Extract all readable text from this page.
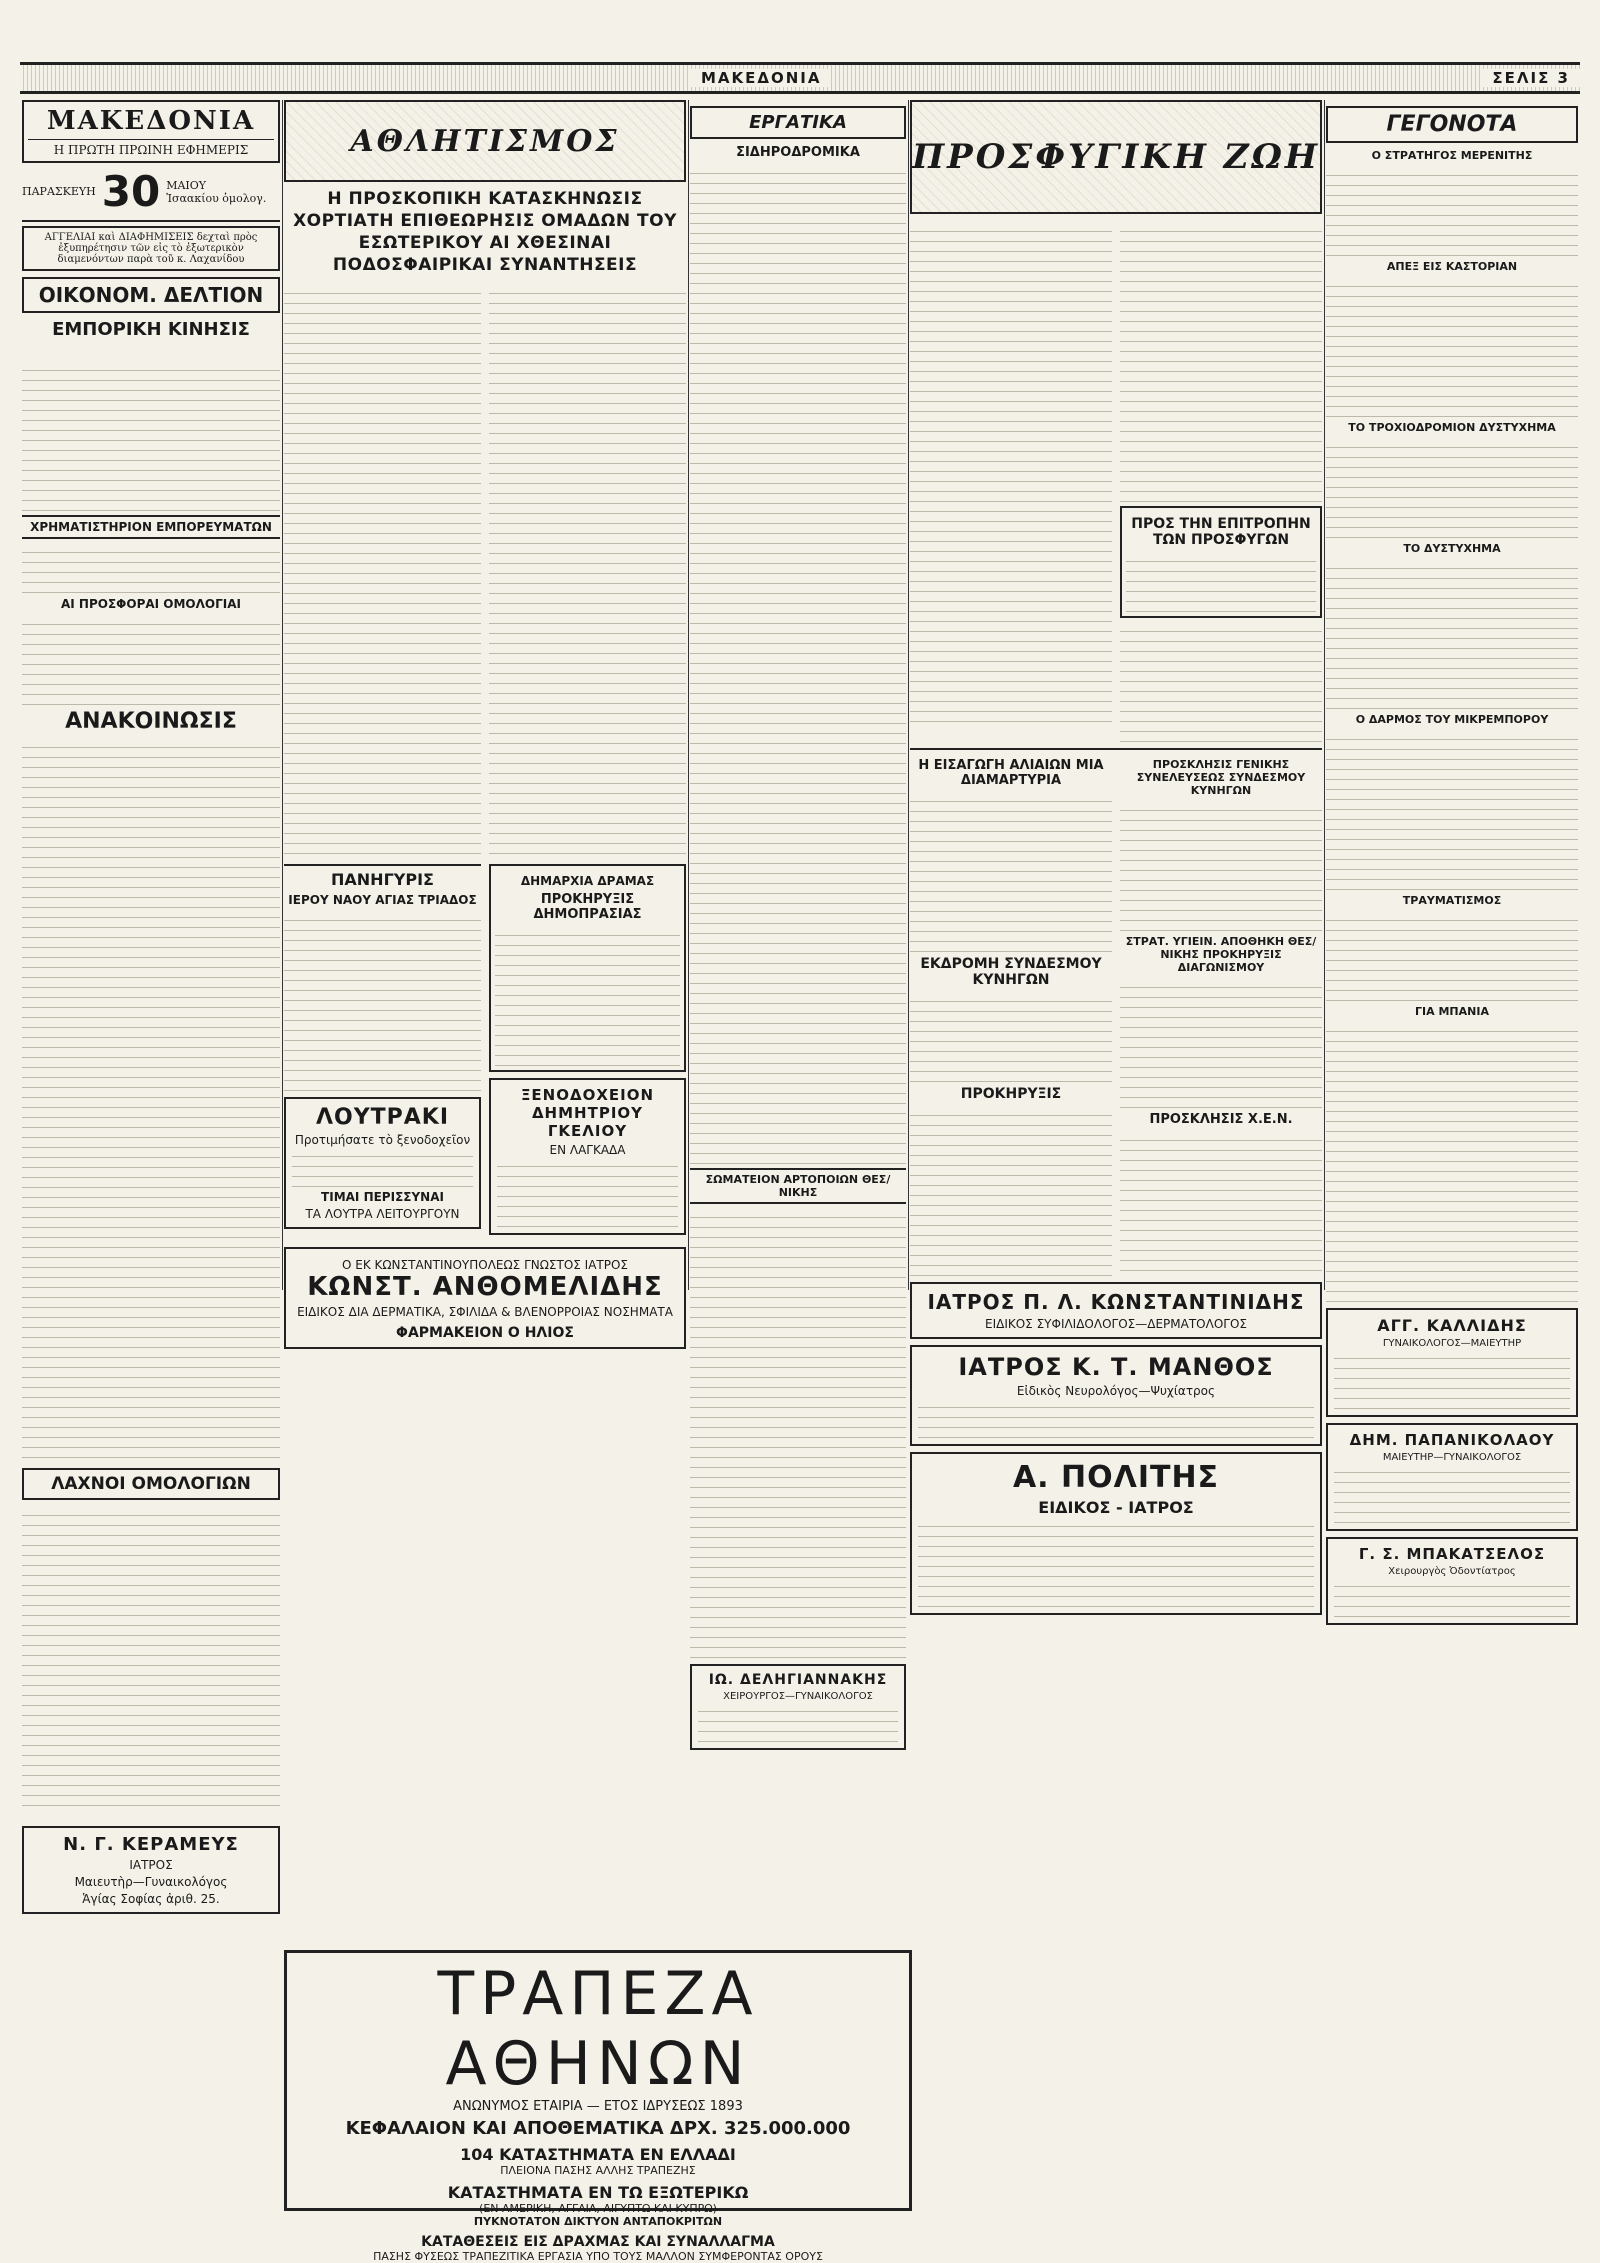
ΜΑΚΕΔΟΝΙΑ	ΣΕΛΙΣ 3
ΜΑΚΕΔΟΝΙΑ
Η ΠΡΩΤΗ ΠΡΩΙΝΗ ΕΦΗΜΕΡΙΣ
ΠΑΡΑΣΚΕΥΗ 30 ΜΑΙΟΥ
Ἰσαακίου ὁμολογ.
ΑΓΓΕΛΙΑΙ καὶ ΔΙΑΦΗΜΙΣΕΙΣ δεχταὶ πρὸς ἐξυπηρέτησιν τῶν εἰς τὸ ἐξωτερικὸν διαμενόντων παρὰ τοῦ κ. Λαχανίδου
ΟΙΚΟΝΟΜ. ΔΕΛΤΙΟΝ
ΕΜΠΟΡΙΚΗ ΚΙΝΗΣΙΣ

ΧΡΗΜΑΤΙΣΤΗΡΙΟΝ ΕΜΠΟΡΕΥΜΑΤΩΝ
ΑΙ ΠΡΟΣΦΟΡΑΙ ΟΜΟΛΟΓΙΑΙ
ΑΝΑΚΟΙΝΩΣΙΣ
ΛΑΧΝΟΙ ΟΜΟΛΟΓΙΩΝ
Ν. Γ. ΚΕΡΑΜΕΥΣ
ΙΑΤΡΟΣ
Μαιευτὴρ—Γυναικολόγος
Ἁγίας Σοφίας ἀριθ. 25.
ΑΘΛΗΤΙΣΜΟΣ
Η ΠΡΟΣΚΟΠΙΚΗ ΚΑΤΑΣΚΗΝΩΣΙΣ ΧΟΡΤΙΑΤΗ ΕΠΙΘΕΩΡΗΣΙΣ ΟΜΑΔΩΝ ΤΟΥ ΕΣΩΤΕΡΙΚΟΥ ΑΙ ΧΘΕΣΙΝΑΙ ΠΟΔΟΣΦΑΙΡΙΚΑΙ ΣΥΝΑΝΤΗΣΕΙΣ
ΠΑΝΗΓΥΡΙΣ
ΙΕΡΟΥ ΝΑΟΥ ΑΓΙΑΣ ΤΡΙΑΔΟΣ
ΛΟΥΤΡΑΚΙ
Προτιμήσατε τὸ ξενοδοχεῖον
ΤΙΜΑΙ ΠΕΡΙΣΣΥΝΑΙ
ΤΑ ΛΟΥΤΡΑ ΛΕΙΤΟΥΡΓΟΥΝ
ΔΗΜΑΡΧΙΑ ΔΡΑΜΑΣ
ΠΡΟΚΗΡΥΞΙΣ ΔΗΜΟΠΡΑΣΙΑΣ
ΞΕΝΟΔΟΧΕΙΟΝ ΔΗΜΗΤΡΙΟΥ ΓΚΕΛΙΟΥ
ΕΝ ΛΑΓΚΑΔΑ
Ο ΕΚ ΚΩΝΣΤΑΝΤΙΝΟΥΠΟΛΕΩΣ ΓΝΩΣΤΟΣ ΙΑΤΡΟΣ
ΚΩΝΣΤ. ΑΝΘΟΜΕΛΙΔΗΣ
ΕΙΔΙΚΟΣ ΔΙΑ ΔΕΡΜΑΤΙΚΑ, ΣΦΙΛΙΔΑ & ΒΛΕΝΟΡΡΟΙΑΣ ΝΟΣΗΜΑΤΑ
ΦΑΡΜΑΚΕΙΟΝ Ο ΗΛΙΟΣ
ΕΡΓΑΤΙΚΑ
ΣΙΔΗΡΟΔΡΟΜΙΚΑ
ΣΩΜΑΤΕΙΟΝ ΑΡΤΟΠΟΙΩΝ ΘΕΣ/ΝΙΚΗΣ
ΙΩ. ΔΕΛΗΓΙΑΝΝΑΚΗΣ
ΧΕΙΡΟΥΡΓΟΣ—ΓΥΝΑΙΚΟΛΟΓΟΣ
ΠΡΟΣΦΥΓΙΚΗ ΖΩΗ
ΠΡΟΣ ΤΗΝ ΕΠΙΤΡΟΠΗΝ ΤΩΝ ΠΡΟΣΦΥΓΩΝ
Η ΕΙΣΑΓΩΓΗ ΑΛΙΑΙΩΝ ΜΙΑ ΔΙΑΜΑΡΤΥΡΙΑ
ΕΚΔΡΟΜΗ ΣΥΝΔΕΣΜΟΥ ΚΥΝΗΓΩΝ
ΠΡΟΚΗΡΥΞΙΣ
ΠΡΟΣΚΛΗΣΙΣ ΓΕΝΙΚΗΣ ΣΥΝΕΛΕΥΣΕΩΣ ΣΥΝΔΕΣΜΟΥ ΚΥΝΗΓΩΝ
ΣΤΡΑΤ. ΥΓΙΕΙΝ. ΑΠΟΘΗΚΗ ΘΕΣ/ΝΙΚΗΣ ΠΡΟΚΗΡΥΞΙΣ ΔΙΑΓΩΝΙΣΜΟΥ
ΠΡΟΣΚΛΗΣΙΣ Χ.Ε.Ν.
ΙΑΤΡΟΣ Π. Λ. ΚΩΝΣΤΑΝΤΙΝΙΔΗΣ
ΕΙΔΙΚΟΣ ΣΥΦΙΛΙΔΟΛΟΓΟΣ—ΔΕΡΜΑΤΟΛΟΓΟΣ
ΙΑΤΡΟΣ Κ. Τ. ΜΑΝΘΟΣ
Εἰδικὸς Νευρολόγος—Ψυχίατρος
Α. ΠΟΛΙΤΗΣ
ΕΙΔΙΚΟΣ - ΙΑΤΡΟΣ
ΓΕΓΟΝΟΤΑ
Ο ΣΤΡΑΤΗΓΟΣ ΜΕΡΕΝΙΤΗΣ
ΑΠΕΞ ΕΙΣ ΚΑΣΤΟΡΙΑΝ
ΤΟ ΤΡΟΧΙΟΔΡΟΜΙΟΝ ΔΥΣΤΥΧΗΜΑ
ΤΟ ΔΥΣΤΥΧΗΜΑ
Ο ΔΑΡΜΟΣ ΤΟΥ ΜΙΚΡΕΜΠΟΡΟΥ
ΤΡΑΥΜΑΤΙΣΜΟΣ
ΓΙΑ ΜΠΑΝΙΑ
ΑΓΓ. ΚΑΛΛΙΔΗΣ
ΓΥΝΑΙΚΟΛΟΓΟΣ—ΜΑΙΕΥΤΗΡ
ΔΗΜ. ΠΑΠΑΝΙΚΟΛΑΟΥ
ΜΑΙΕΥΤΗΡ—ΓΥΝΑΙΚΟΛΟΓΟΣ
Γ. Σ. ΜΠΑΚΑΤΣΕΛΟΣ
Χειρουργὸς Ὀδοντίατρος
ΤΡΑΠΕΖΑ ΑΘΗΝΩΝ
ΑΝΩΝΥΜΟΣ ΕΤΑΙΡΙΑ — ΕΤΟΣ ΙΔΡΥΣΕΩΣ 1893
ΚΕΦΑΛΑΙΟΝ ΚΑΙ ΑΠΟΘΕΜΑΤΙΚΑ ΔΡΧ. 325.000.000
104 ΚΑΤΑΣΤΗΜΑΤΑ ΕΝ ΕΛΛΑΔΙ
ΠΛΕΙΟΝΑ ΠΑΣΗΣ ΑΛΛΗΣ ΤΡΑΠΕΖΗΣ
ΚΑΤΑΣΤΗΜΑΤΑ ΕΝ ΤΩ ΕΞΩΤΕΡΙΚΩ
(ΕΝ ΑΜΕΡΙΚΗ, ΑΓΓΛΙΑ, ΑΙΓΥΠΤΩ ΚΑΙ ΚΥΠΡΩ)
ΠΥΚΝΟΤΑΤΟΝ ΔΙΚΤΥΟΝ ΑΝΤΑΠΟΚΡΙΤΩΝ
ΚΑΤΑΘΕΣΕΙΣ ΕΙΣ ΔΡΑΧΜΑΣ ΚΑΙ ΣΥΝΑΛΛΑΓΜΑ
ΠΑΣΗΣ ΦΥΣΕΩΣ ΤΡΑΠΕΖΙΤΙΚΑ ΕΡΓΑΣΙΑ ΥΠΟ ΤΟΥΣ ΜΑΛΛΟΝ ΣΥΜΦΕΡΟΝΤΑΣ ΟΡΟΥΣ
